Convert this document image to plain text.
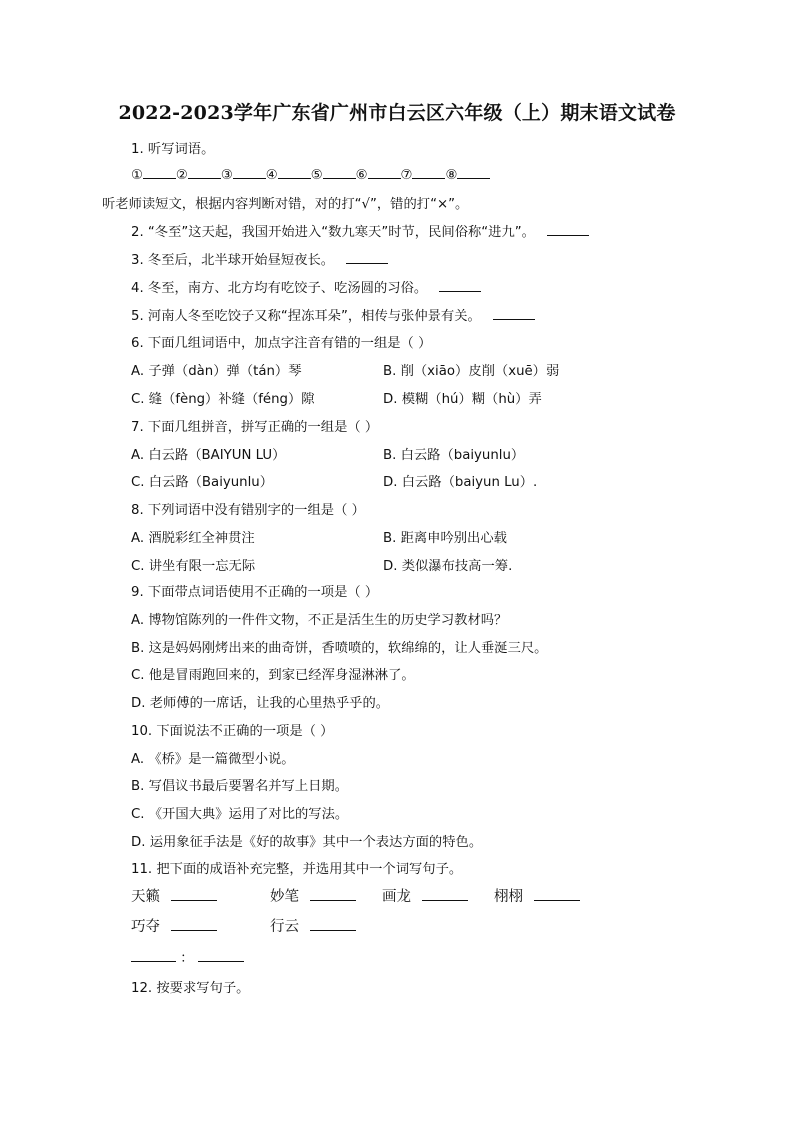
2022-2023学年广东省广州市白云区六年级（上）期末语文试卷
1. 听写词语。
① ② ③ ④ ⑤ ⑥ ⑦ ⑧
听老师读短文，根据内容判断对错，对的打“√”，错的打“×”。
2. “冬至”这天起，我国开始进入“数九寒天”时节，民间俗称“进九”。
3. 冬至后，北半球开始昼短夜长。
4. 冬至，南方、北方均有吃饺子、吃汤圆的习俗。
5. 河南人冬至吃饺子又称“捏冻耳朵”，相传与张仲景有关。
6. 下面几组词语中，加点字注音有错的一组是（ ）
A. 子弹（dàn）弹（tán）琴	B. 削（xiāo）皮削（xuē）弱
C. 缝（fèng）补缝（féng）隙	D. 模糊（hú）糊（hù）弄
7. 下面几组拼音，拼写正确的一组是（ ）
A. 白云路（BAIYUN LU）	B. 白云路（baiyunlu）
C. 白云路（Baiyunlu）	D. 白云路（baiyun Lu）.
8. 下列词语中没有错别字的一组是（ ）
A. 酒脱彩红全神贯注	B. 距离申吟别出心载
C. 讲坐有限一忘无际	D. 类似瀑布技高一筹.
9. 下面带点词语使用不正确的一项是（ ）
A. 博物馆陈列的一件件文物，不正是活生生的历史学习教材吗？
B. 这是妈妈刚烤出来的曲奇饼，香喷喷的，软绵绵的，让人垂涎三尺。
C. 他是冒雨跑回来的，到家已经浑身湿淋淋了。
D. 老师傅的一席话，让我的心里热乎乎的。
10. 下面说法不正确的一项是（ ）
A. 《桥》是一篇微型小说。
B. 写倡议书最后要署名并写上日期。
C. 《开国大典》运用了对比的写法。
D. 运用象征手法是《好的故事》其中一个表达方面的特色。
11. 把下面的成语补充完整，并选用其中一个词写句子。
天籁	妙笔	画龙	栩栩
巧夺	行云
：
12. 按要求写句子。
